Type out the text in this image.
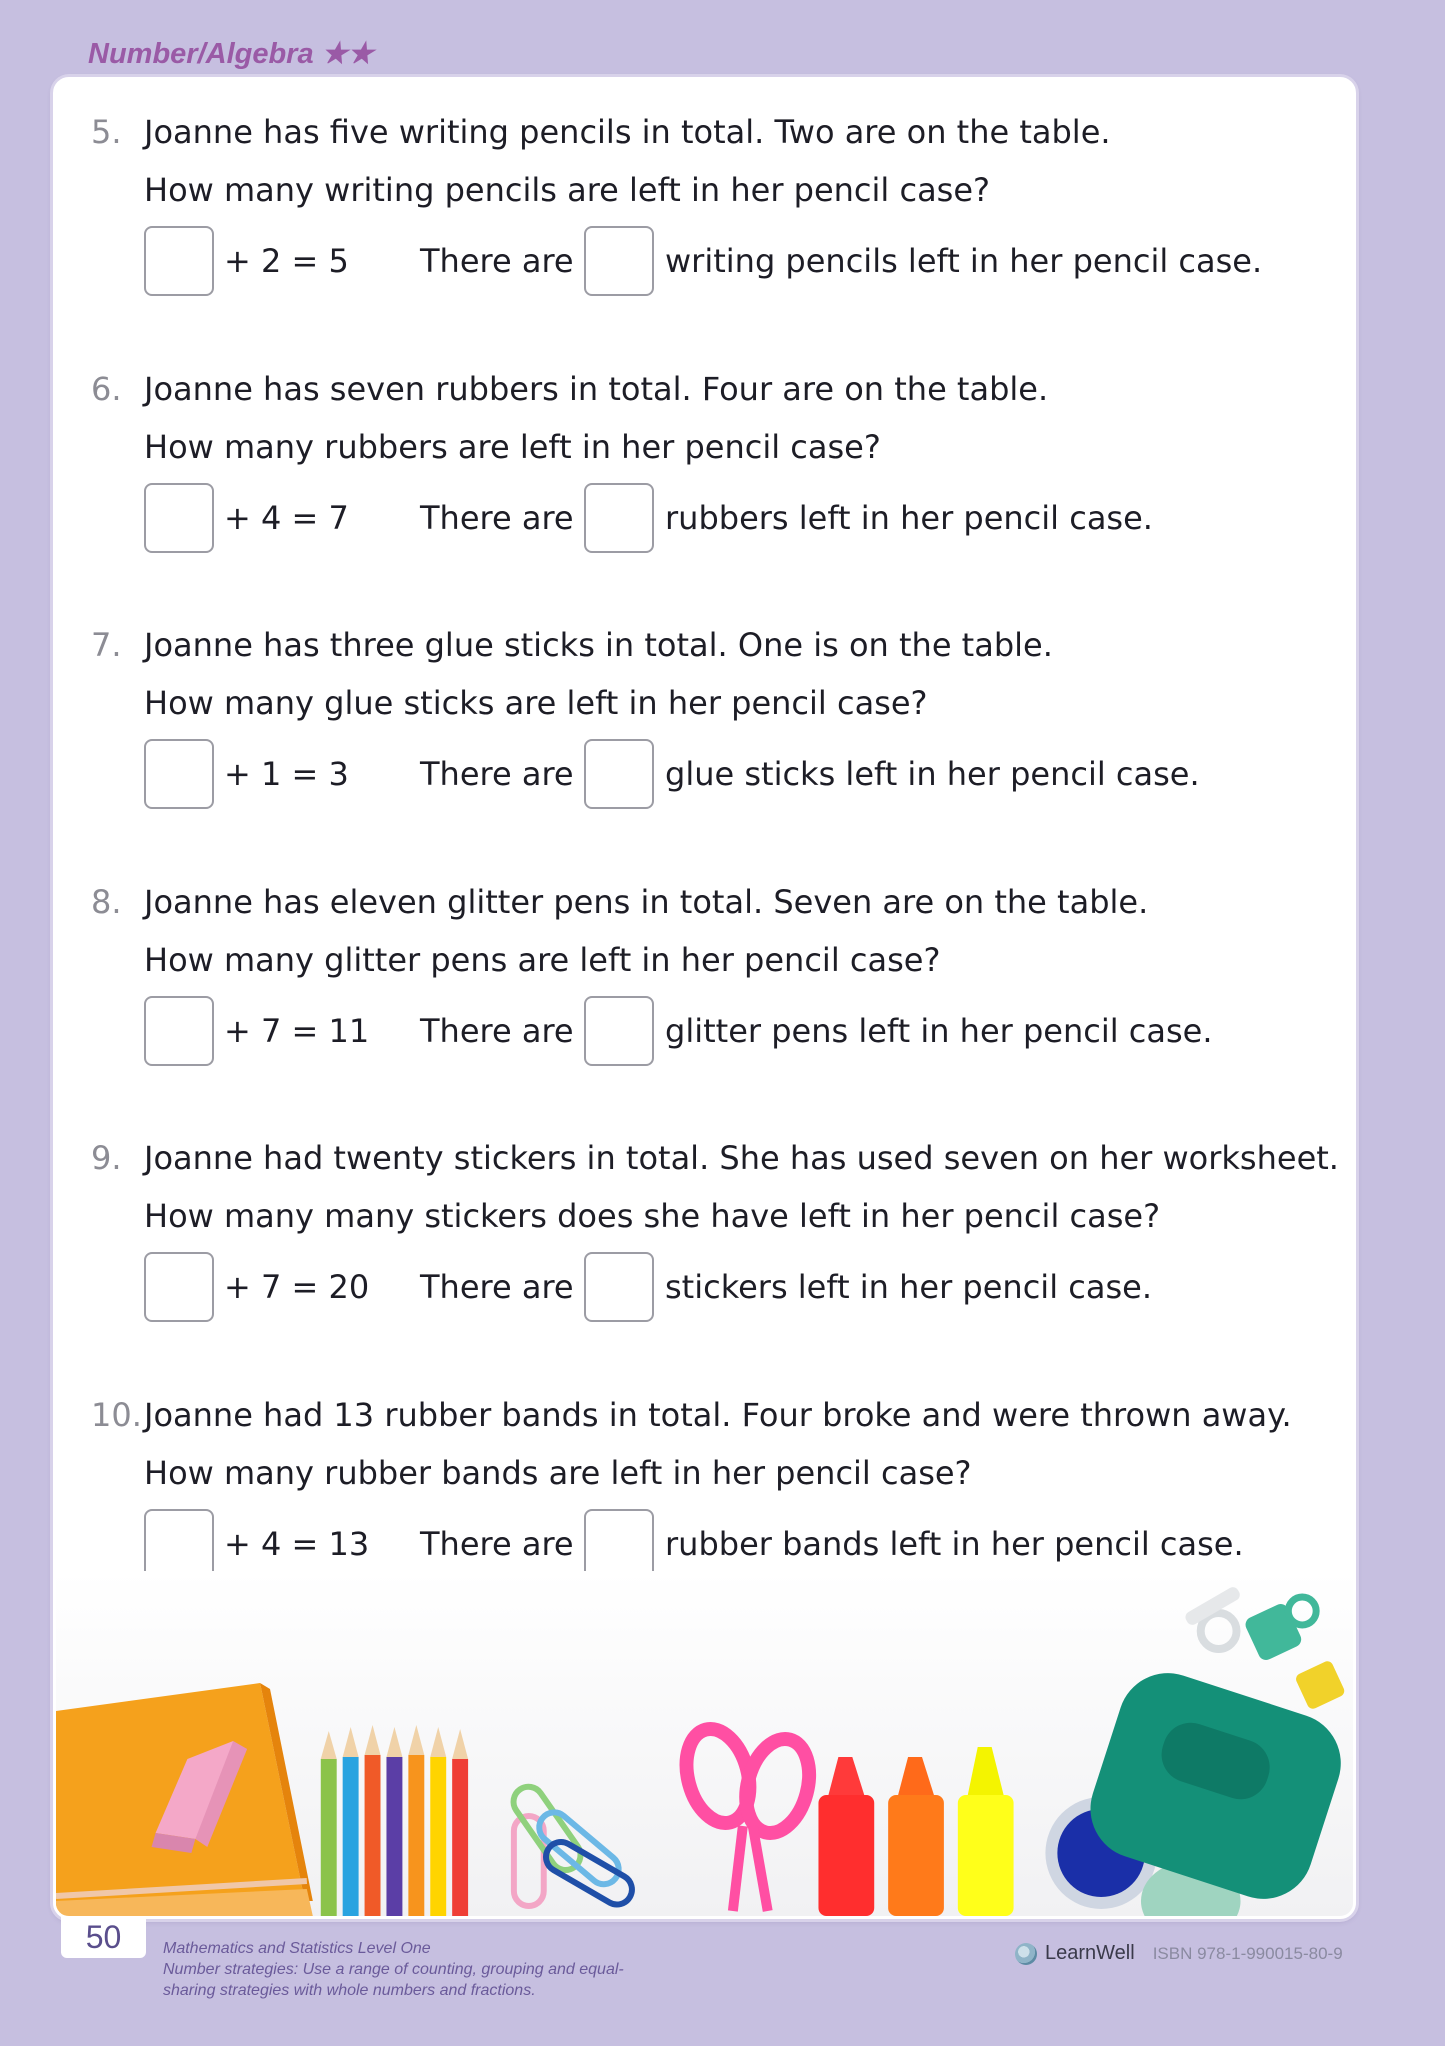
Number/Algebra ★★
5. Joanne has five writing pencils in total. Two are on the table.
How many writing pencils are left in her pencil case?
+ 2 = 5 There are	writing pencils left in her pencil case.
6. Joanne has seven rubbers in total. Four are on the table.
How many rubbers are left in her pencil case?
+ 4 = 7 There are	rubbers left in her pencil case.
7. Joanne has three glue sticks in total. One is on the table.
How many glue sticks are left in her pencil case?
+ 1 = 3 There are	glue sticks left in her pencil case.
8. Joanne has eleven glitter pens in total. Seven are on the table.
How many glitter pens are left in her pencil case?
+ 7 = 11 There are	glitter pens left in her pencil case.
9. Joanne had twenty stickers in total. She has used seven on her worksheet.
How many many stickers does she have left in her pencil case?
+ 7 = 20 There are	stickers left in her pencil case.
10. Joanne had 13 rubber bands in total. Four broke and were thrown away.
How many rubber bands are left in her pencil case?
+ 4 = 13 There are	rubber bands left in her pencil case.
50	Mathematics and Statistics Level One
Number strategies: Use a range of counting, grouping and equal-
sharing strategies with whole numbers and fractions.
LearnWell ISBN 978-1-990015-80-9
